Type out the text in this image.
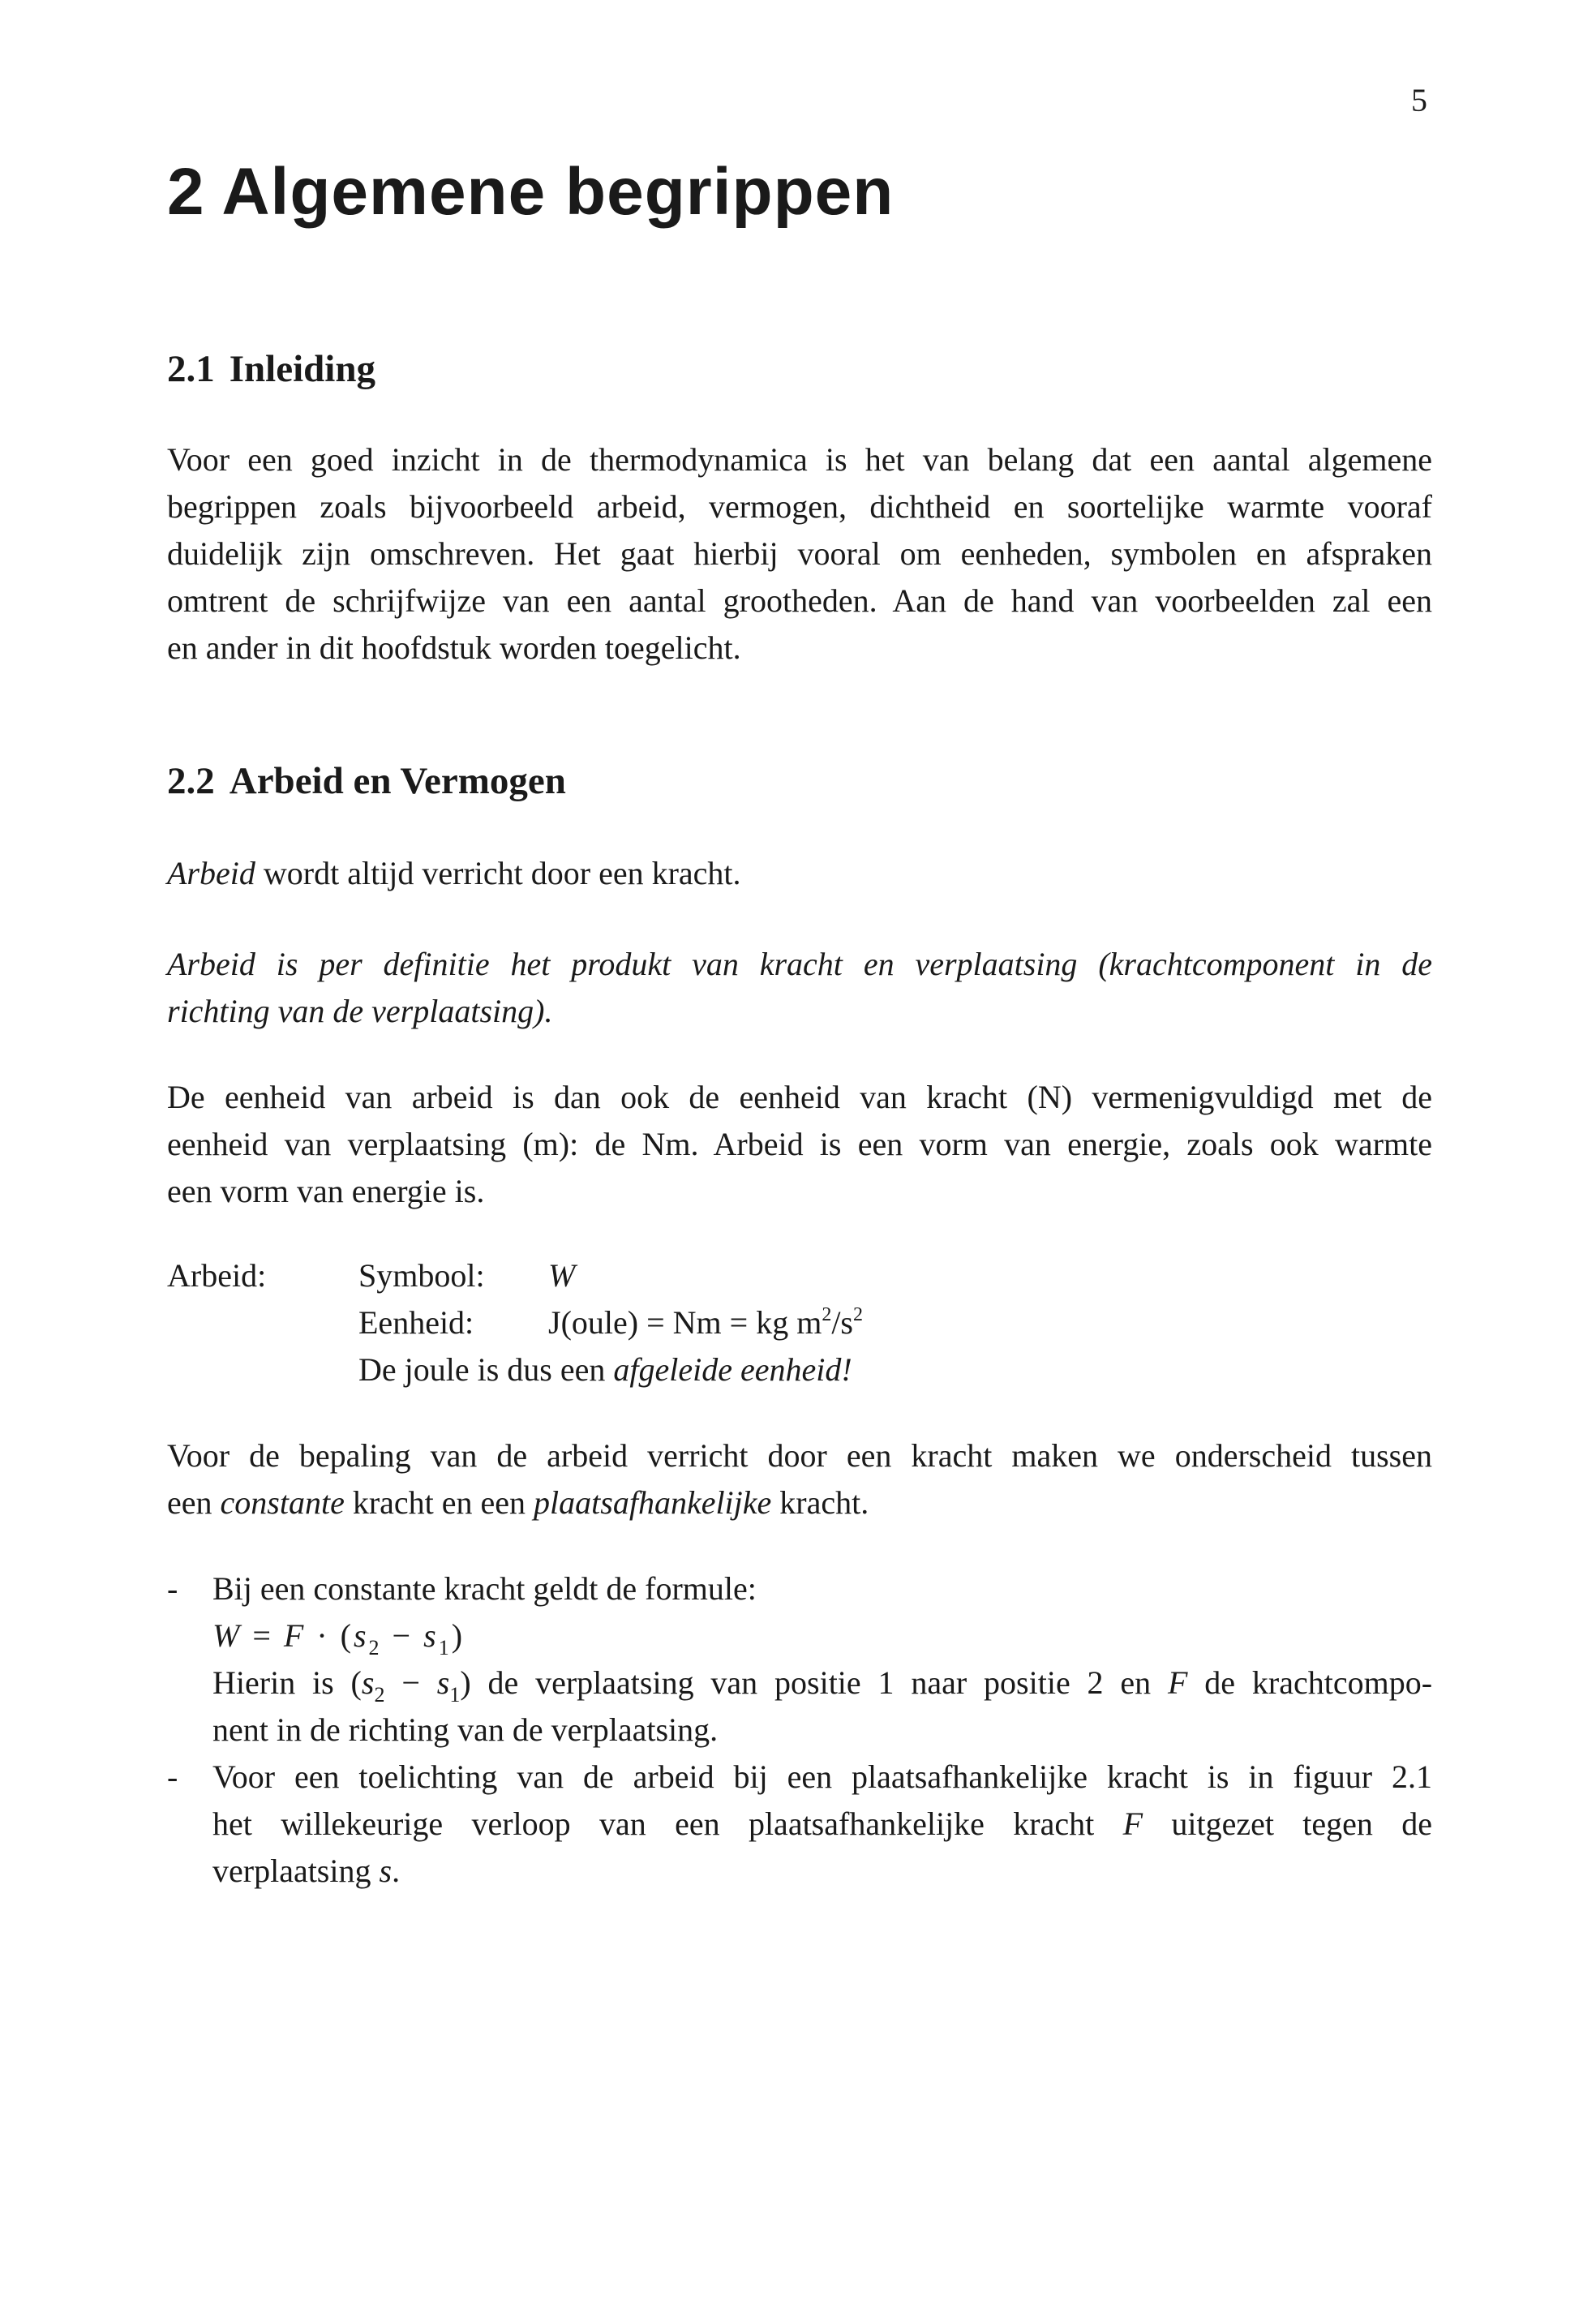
5
2 Algemene begrippen
2.1 Inleiding
Voor een goed inzicht in de thermodynamica is het van belang dat een aantal algemene
begrippen zoals bijvoorbeeld arbeid, vermogen, dichtheid en soortelijke warmte vooraf
duidelijk zijn omschreven. Het gaat hierbij vooral om eenheden, symbolen en afspraken
omtrent de schrijfwijze van een aantal grootheden. Aan de hand van voorbeelden zal een
en ander in dit hoofdstuk worden toegelicht.
2.2 Arbeid en Vermogen
Arbeid wordt altijd verricht door een kracht.
Arbeid is per definitie het produkt van kracht en verplaatsing (krachtcomponent in de
richting van de verplaatsing).
De eenheid van arbeid is dan ook de eenheid van kracht (N) vermenigvuldigd met de
eenheid van verplaatsing (m): de Nm. Arbeid is een vorm van energie, zoals ook warmte
een vorm van energie is.
Arbeid:	Symbool: W
Eenheid: J(oule) = Nm = kg $m^2/s^2$
De joule is dus een afgeleide eenheid!
Voor de bepaling van de arbeid verricht door een kracht maken we onderscheid tussen
een constante kracht en een plaatsafhankelijke kracht.
- Bij een constante kracht geldt de formule:
$W = F \cdot (s_2 - s_1)$
Hierin is $(s_2 - s_1)$ de verplaatsing van positie 1 naar positie 2 en F de krachtcompo-
nent in de richting van de verplaatsing.
- Voor een toelichting van de arbeid bij een plaatsafhankelijke kracht is in figuur 2.1
het willekeurige verloop van een plaatsafhankelijke kracht F uitgezet tegen de
verplaatsing s.
